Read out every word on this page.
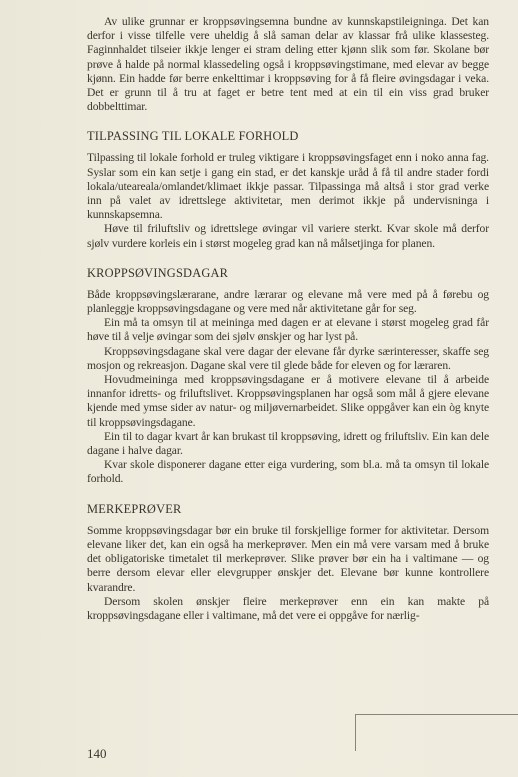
Av ulike grunnar er kroppsøvingsemna bundne av kunnskapstileigninga. Det kan derfor i visse tilfelle vere uheldig å slå saman delar av klassar frå ulike klassesteg. Faginnhaldet tilseier ikkje lenger ei stram deling etter kjønn slik som før. Skolane bør prøve å halde på normal klassedeling også i kroppsøvingstimane, med elevar av begge kjønn. Ein hadde før berre enkelttimar i kroppsøving for å få fleire øvingsdagar i veka. Det er grunn til å tru at faget er betre tent med at ein til ein viss grad bruker dobbelttimar.

TILPASSING TIL LOKALE FORHOLD

Tilpassing til lokale forhold er truleg viktigare i kroppsøvingsfaget enn i noko anna fag. Syslar som ein kan setje i gang ein stad, er det kanskje uråd å få til andre stader fordi lokala/utearealа/omlandet/klimaet ikkje passar. Tilpassinga må altså i stor grad verke inn på valet av idrettslege aktivitetar, men derimot ikkje på undervisninga i kunnskapsemna.

Høve til friluftsliv og idrettslege øvingar vil variere sterkt. Kvar skole må derfor sjølv vurdere korleis ein i størst mogeleg grad kan nå målsetjinga for planen.

KROPPSØVINGSDAGAR

Både kroppsøvingslærarane, andre lærarar og elevane må vere med på å førebu og planleggje kroppsøvingsdagane og vere med når aktivitetane går for seg.

Ein må ta omsyn til at meininga med dagen er at elevane i størst mogeleg grad får høve til å velje øvingar som dei sjølv ønskjer og har lyst på.

Kroppsøvingsdagane skal vere dagar der elevane får dyrke særinteresser, skaffe seg mosjon og rekreasjon. Dagane skal vere til glede både for eleven og for læraren.

Hovudmeininga med kroppsøvingsdagane er å motivere elevane til å arbeide innanfor idretts- og friluftslivet. Kroppsøvingsplanen har også som mål å gjere elevane kjende med ymse sider av natur- og miljøvernarbeidet. Slike oppgåver kan ein òg knyte til kroppsøvingsdagane.

Ein til to dagar kvart år kan brukast til kroppsøving, idrett og friluftsliv. Ein kan dele dagane i halve dagar.

Kvar skole disponerer dagane etter eiga vurdering, som bl.a. må ta omsyn til lokale forhold.

MERKEPRØVER

Somme kroppsøvingsdagar bør ein bruke til forskjellige former for aktivitetar. Dersom elevane liker det, kan ein også ha merkeprøver. Men ein må vere varsam med å bruke det obligatoriske timetalet til merkeprøver. Slike prøver bør ein ha i valtimane — og berre dersom elevar eller elevgrupper ønskjer det. Elevane bør kunne kontrollere kvarandre.

Dersom skolen ønskjer fleire merkeprøver enn ein kan makte på kroppsøvingsdagane eller i valtimane, må det vere ei oppgåve for nærlig-

140
